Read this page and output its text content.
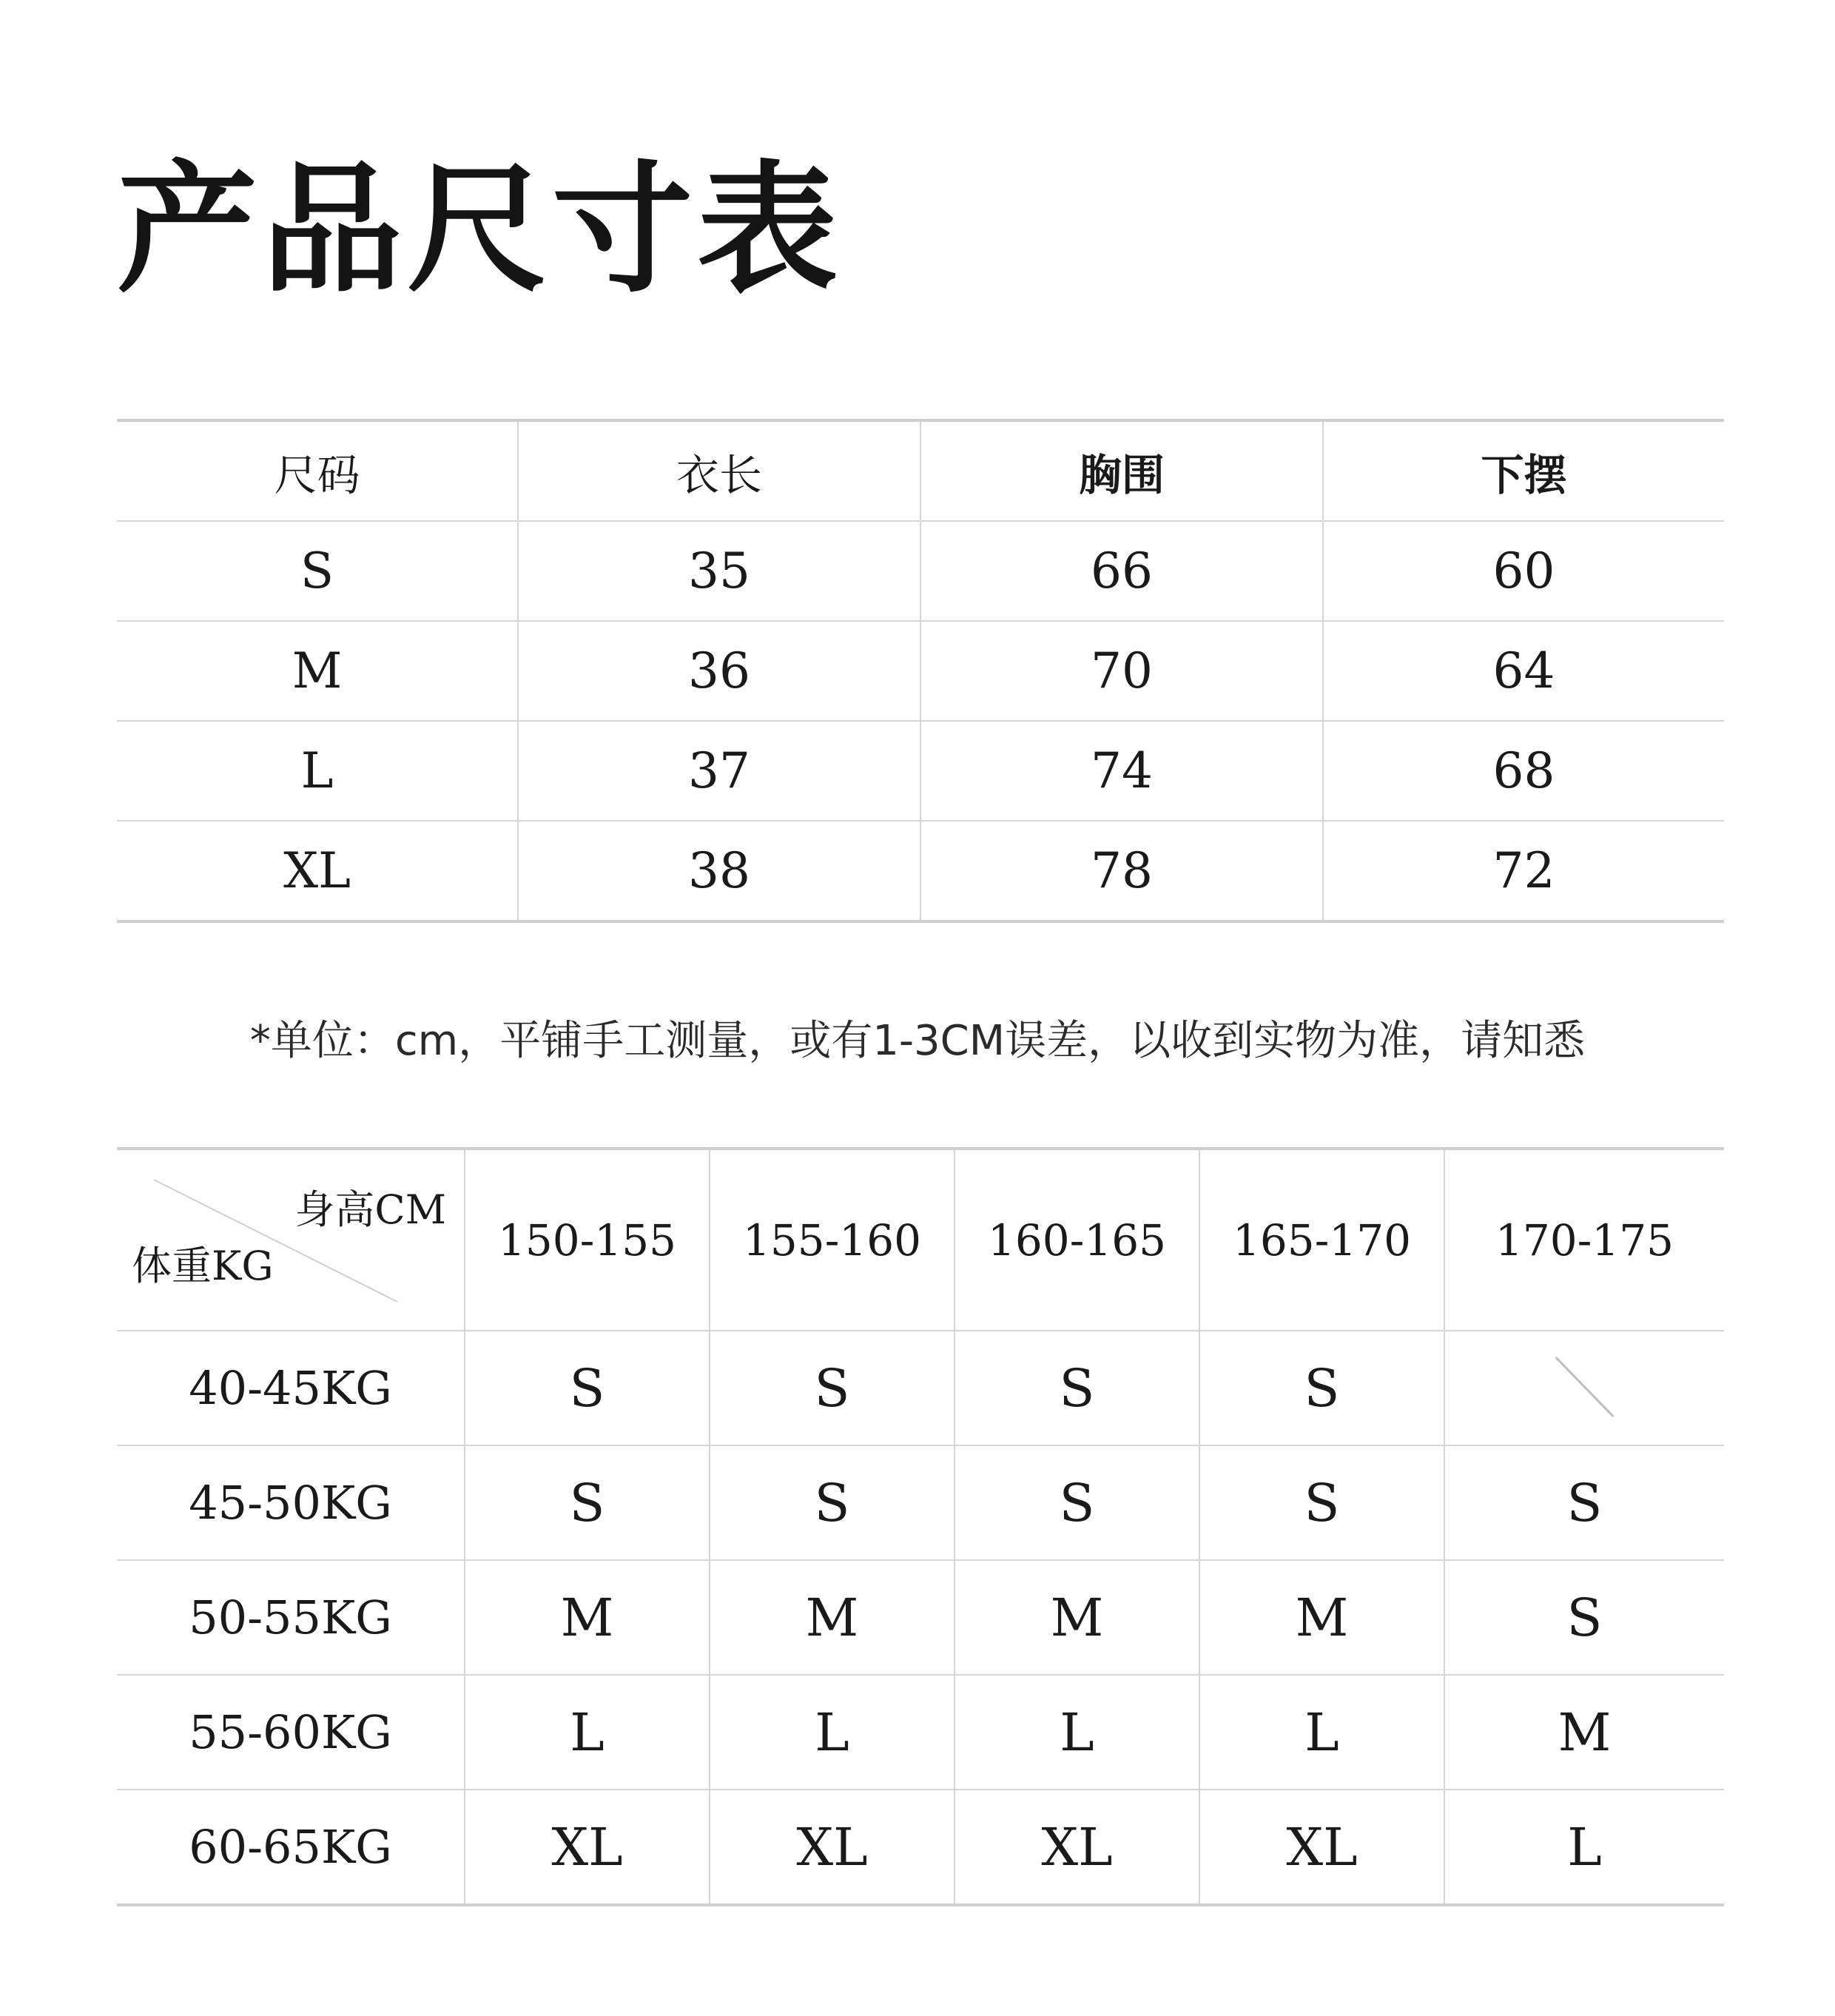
产品尺寸表
尺码	衣长	胸围	下摆
S	35	66	60
M	36	70	64
L	37	74	68
XL	38	78	72

*单位：cm，平铺手工测量，或有1-3CM误差，以收到实物为准，请知悉

身高CM
体重KG	150-155	155-160	160-165	165-170	170-175
40-45KG	S	S	S	S	

45-50KG	S	S	S	S	S
50-55KG	M	M	M	M	S
55-60KG	L	L	L	L	M
60-65KG	XL	XL	XL	XL	L
